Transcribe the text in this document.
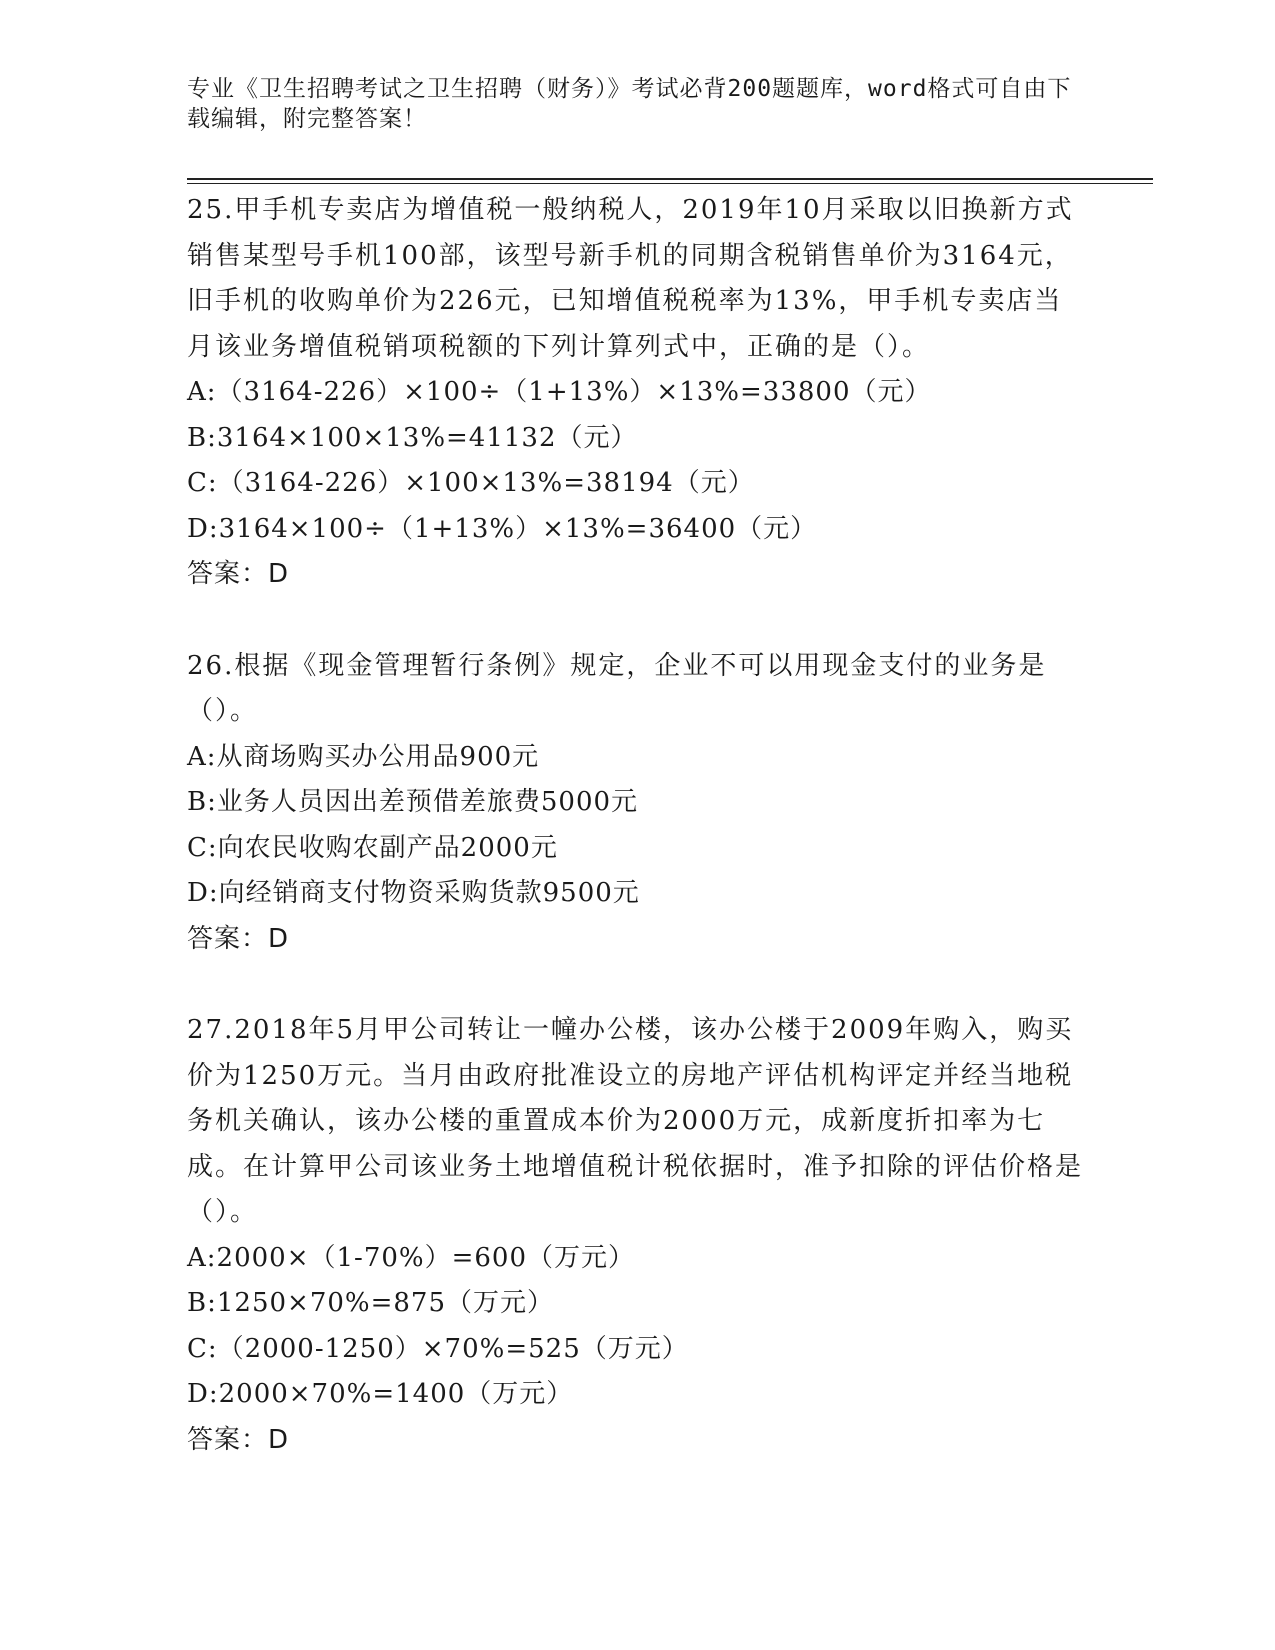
专业《卫生招聘考试之卫生招聘（财务）》考试必背200题题库，word格式可自由下载编辑，附完整答案！

25.甲手机专卖店为增值税一般纳税人，2019年10月采取以旧换新方式销售某型号手机100部，该型号新手机的同期含税销售单价为3164元，旧手机的收购单价为226元，已知增值税税率为13%，甲手机专卖店当月该业务增值税销项税额的下列计算列式中，正确的是（）。

A:（3164-226）×100÷（1+13%）×13%=33800（元）

B:3164×100×13%=41132（元）

C:（3164-226）×100×13%=38194（元）

D:3164×100÷（1+13%）×13%=36400（元）

答案：D

26.根据《现金管理暂行条例》规定，企业不可以用现金支付的业务是（）。

A:从商场购买办公用品900元

B:业务人员因出差预借差旅费5000元

C:向农民收购农副产品2000元

D:向经销商支付物资采购货款9500元

答案：D

27.2018年5月甲公司转让一幢办公楼，该办公楼于2009年购入，购买价为1250万元。当月由政府批准设立的房地产评估机构评定并经当地税务机关确认，该办公楼的重置成本价为2000万元，成新度折扣率为七成。在计算甲公司该业务土地增值税计税依据时，准予扣除的评估价格是（）。

A:2000×（1-70%）=600（万元）

B:1250×70%=875（万元）

C:（2000-1250）×70%=525（万元）

D:2000×70%=1400（万元）

答案：D
